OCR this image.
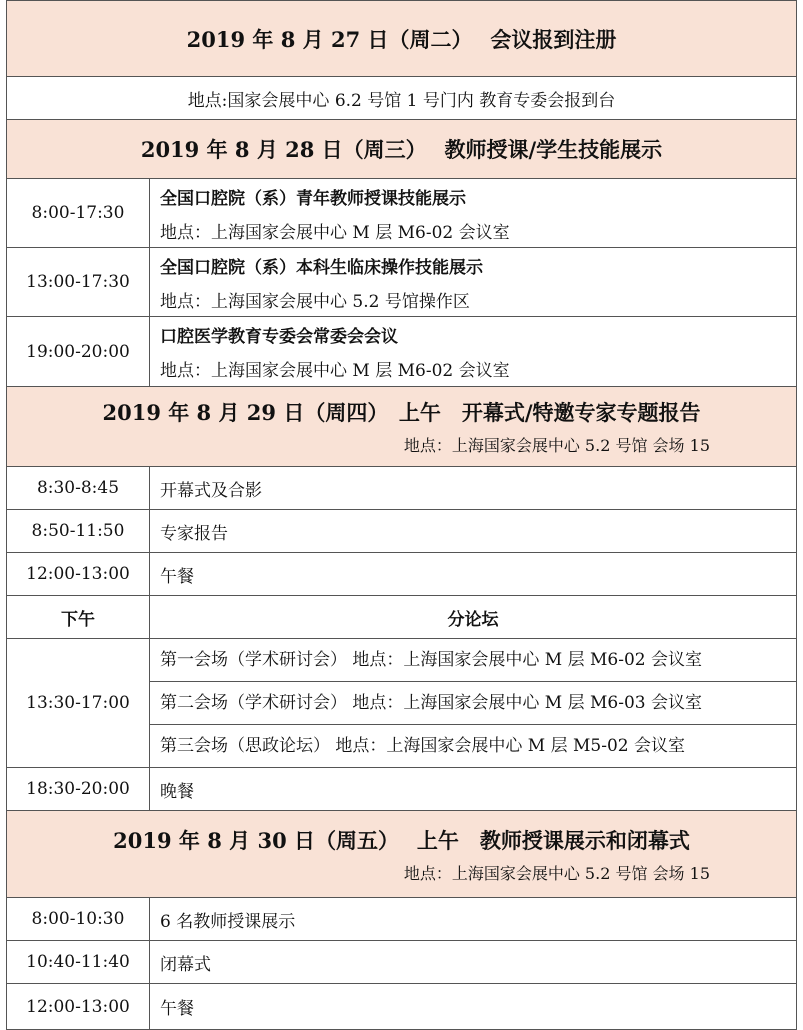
2019 年 8 月 27 日（周二）　 会议报到注册	
地点:国家会展中心 6.2 号馆 1 号门内 教育专委会报到台	
2019 年 8 月 28 日（周三）　 教师授课/学生技能展示	
8:00-17:30	全国口腔院（系）青年教师授课技能展示
地点：上海国家会展中心 M 层 M6-02 会议室

13:00-17:30	全国口腔院（系）本科生临床操作技能展示
地点：上海国家会展中心 5.2 号馆操作区

19:00-20:00	口腔医学教育专委会常委会会议
地点：上海国家会展中心 M 层 M6-02 会议室

2019 年 8 月 29 日（周四）　上午　开幕式/特邀专家专题报告
地点：上海国家会展中心 5.2 号馆 会场 15	

8:30-8:45	开幕式及合影
8:50-11:50	专家报告
12:00-13:00	午餐
下午	分论坛
13:30-17:00	第一会场（学术研讨会） 地点：上海国家会展中心 M 层 M6-02 会议室
第二会场（学术研讨会） 地点：上海国家会展中心 M 层 M6-03 会议室
第三会场（思政论坛） 地点：上海国家会展中心 M 层 M5-02 会议室

18:30-20:00	晚餐

2019 年 8 月 30 日（周五）　 上午　教师授课展示和闭幕式
地点：上海国家会展中心 5.2 号馆 会场 15	

8:00-10:30	6 名教师授课展示
10:40-11:40	闭幕式
12:00-13:00	午餐
